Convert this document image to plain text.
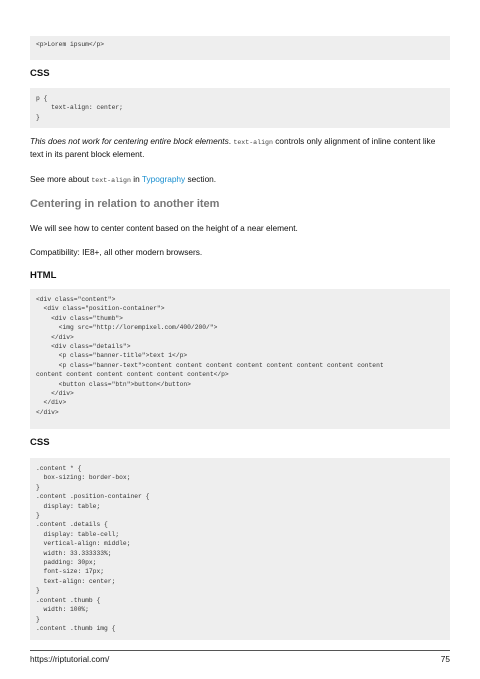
<p>Lorem ipsum</p>
CSS
p {
text-align: center;
}

This does not work for centering entire block elements. text-align controls only alignment of inline content like text in its parent block element.

See more about text-align in Typography section.

Centering in relation to another item

We will see how to center content based on the height of a near element.

Compatibility: IE8+, all other modern browsers.

HTML
<div class="content">
<div class="position-container">
<div class="thumb">
<img src="http://lorempixel.com/400/200/">
</div>
<div class="details">
<p class="banner-title">text 1</p>
<p class="banner-text">content content content content content content content content
content content content content content content</p>
<button class="btn">button</button>
</div>
</div>
</div>
CSS
.content * {
box-sizing: border-box;
}
.content .position-container {
display: table;
}
.content .details {
display: table-cell;
vertical-align: middle;
width: 33.333333%;
padding: 30px;
font-size: 17px;
text-align: center;
}
.content .thumb {
width: 100%;
}
.content .thumb img {
https://riptutorial.com/	75
